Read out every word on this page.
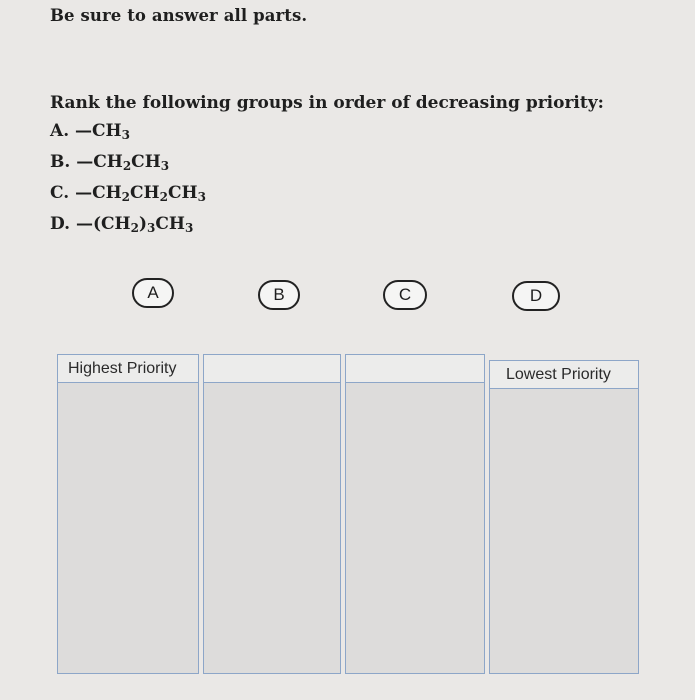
Be sure to answer all parts.
Rank the following groups in order of decreasing priority:
A. $—CH_3$
B. $—CH_2CH_3$
C. $—CH_2CH_2CH_3$
D. $—(CH_2)_3CH_3$
A	B	C	D
Highest Priority	Lowest Priority
